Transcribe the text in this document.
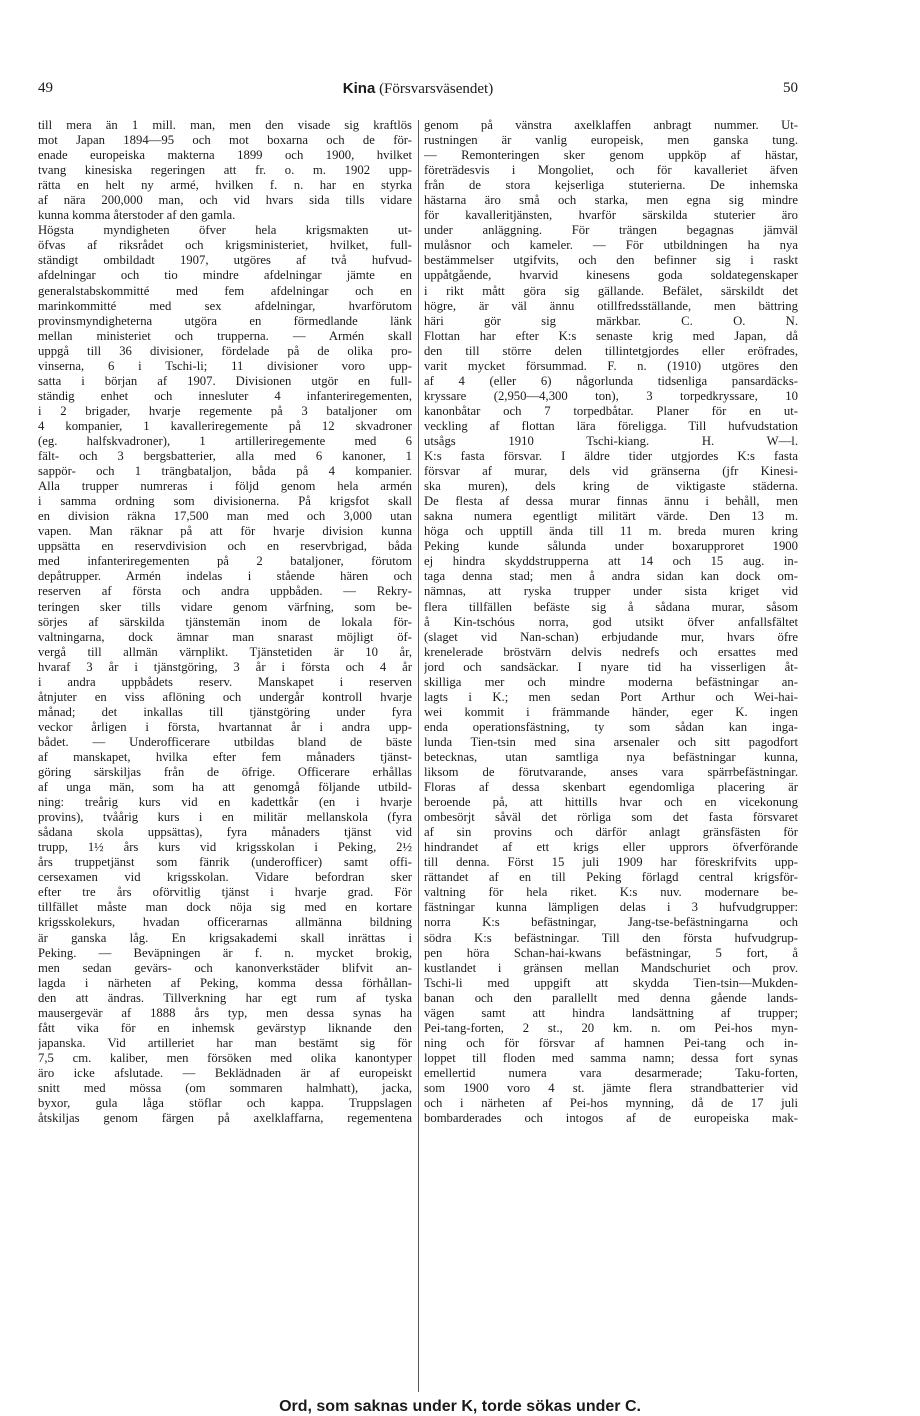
49	Kina (Försvarsväsendet)	50
till mera än 1 mill. man, men den visade sig kraftlös
mot Japan 1894—95 och mot boxarna och de för-
enade europeiska makterna 1899 och 1900, hvilket
tvang kinesiska regeringen att fr. o. m. 1902 upp-
rätta en helt ny armé, hvilken f. n. har en styrka
af nära 200,000 man, och vid hvars sida tills vidare
kunna komma återstoder af den gamla.
Högsta myndigheten öfver hela krigsmakten ut-
öfvas af riksrådet och krigsministeriet, hvilket, full-
ständigt ombildadt 1907, utgöres af två hufvud-
afdelningar och tio mindre afdelningar jämte en
generalstabskommitté med fem afdelningar och en
marinkommitté med sex afdelningar, hvarförutom
provinsmyndigheterna utgöra en förmedlande länk
mellan ministeriet och trupperna. — Armén skall
uppgå till 36 divisioner, fördelade på de olika pro-
vinserna, 6 i Tschi-li; 11 divisioner voro upp-
satta i början af 1907. Divisionen utgör en full-
ständig enhet och innesluter 4 infanteriregementen,
i 2 brigader, hvarje regemente på 3 bataljoner om
4 kompanier, 1 kavalleriregemente på 12 skvadroner
(eg. halfskvadroner), 1 artilleriregemente med 6
fält- och 3 bergsbatterier, alla med 6 kanoner, 1
sappör- och 1 trängbataljon, båda på 4 kompanier.
Alla trupper numreras i följd genom hela armén
i samma ordning som divisionerna. På krigsfot skall
en division räkna 17,500 man med och 3,000 utan
vapen. Man räknar på att för hvarje division kunna
uppsätta en reservdivision och en reservbrigad, båda
med infanteriregementen på 2 bataljoner, förutom
depåtrupper. Armén indelas i stående hären och
reserven af första och andra uppbåden. — Rekry-
teringen sker tills vidare genom värfning, som be-
sörjes af särskilda tjänstemän inom de lokala för-
valtningarna, dock ämnar man snarast möjligt öf-
vergå till allmän värnplikt. Tjänstetiden är 10 år,
hvaraf 3 år i tjänstgöring, 3 år i första och 4 år
i andra uppbådets reserv. Manskapet i reserven
åtnjuter en viss aflöning och undergår kontroll hvarje
månad; det inkallas till tjänstgöring under fyra
veckor årligen i första, hvartannat år i andra upp-
bådet. — Underofficerare utbildas bland de bäste
af manskapet, hvilka efter fem månaders tjänst-
göring särskiljas från de öfrige. Officerare erhållas
af unga män, som ha att genomgå följande utbild-
ning: treårig kurs vid en kadettkår (en i hvarje
provins), tvåårig kurs i en militär mellanskola (fyra
sådana skola uppsättas), fyra månaders tjänst vid
trupp, 1½ års kurs vid krigsskolan i Peking, 2½
års truppetjänst som fänrik (underofficer) samt offi-
cersexamen vid krigsskolan. Vidare befordran sker
efter tre års oförvitlig tjänst i hvarje grad. För
tillfället måste man dock nöja sig med en kortare
krigsskolekurs, hvadan officerarnas allmänna bildning
är ganska låg. En krigsakademi skall inrättas i
Peking. — Beväpningen är f. n. mycket brokig,
men sedan gevärs- och kanonverkstäder blifvit an-
lagda i närheten af Peking, komma dessa förhållan-
den att ändras. Tillverkning har egt rum af tyska
mausergevär af 1888 års typ, men dessa synas ha
fått vika för en inhemsk gevärstyp liknande den
japanska. Vid artilleriet har man bestämt sig för
7,5 cm. kaliber, men försöken med olika kanontyper
äro icke afslutade. — Beklädnaden är af europeiskt
snitt med mössa (om sommaren halmhatt), jacka,
byxor, gula låga stöflar och kappa. Truppslagen
åtskiljas genom färgen på axelklaffarna, regementena
genom på vänstra axelklaffen anbragt nummer. Ut-
rustningen är vanlig europeisk, men ganska tung.
— Remonteringen sker genom uppköp af hästar,
företrädesvis i Mongoliet, och för kavalleriet äfven
från de stora kejserliga stuterierna. De inhemska
hästarna äro små och starka, men egna sig mindre
för kavalleritjänsten, hvarför särskilda stuterier äro
under anläggning. För trängen begagnas jämväl
mulåsnor och kameler. — För utbildningen ha nya
bestämmelser utgifvits, och den befinner sig i raskt
uppåtgående, hvarvid kinesens goda soldategenskaper
i rikt mått göra sig gällande. Befälet, särskildt det
högre, är väl ännu otillfredsställande, men bättring
häri gör sig märkbar. C. O. N.
Flottan har efter K:s senaste krig med Japan, då
den till större delen tillintetgjordes eller eröfrades,
varit mycket försummad. F. n. (1910) utgöres den
af 4 (eller 6) någorlunda tidsenliga pansardäcks-
kryssare (2,950—4,300 ton), 3 torpedkryssare, 10
kanonbåtar och 7 torpedbåtar. Planer för en ut-
veckling af flottan lära föreligga. Till hufvudstation
utsågs 1910 Tschi-kiang. H. W—l.
K:s fasta försvar. I äldre tider utgjordes K:s fasta
försvar af murar, dels vid gränserna (jfr Kinesi-
ska muren), dels kring de viktigaste städerna.
De flesta af dessa murar finnas ännu i behåll, men
sakna numera egentligt militärt värde. Den 13 m.
höga och upptill ända till 11 m. breda muren kring
Peking kunde sålunda under boxarupproret 1900
ej hindra skyddstrupperna att 14 och 15 aug. in-
taga denna stad; men å andra sidan kan dock om-
nämnas, att ryska trupper under sista kriget vid
flera tillfällen befäste sig å sådana murar, såsom
å Kin-tschóus norra, god utsikt öfver anfallsfältet
(slaget vid Nan-schan) erbjudande mur, hvars öfre
krenelerade bröstvärn delvis nedrefs och ersattes med
jord och sandsäckar. I nyare tid ha visserligen åt-
skilliga mer och mindre moderna befästningar an-
lagts i K.; men sedan Port Arthur och Wei-hai-
wei kommit i främmande händer, eger K. ingen
enda operationsfästning, ty som sådan kan inga-
lunda Tien-tsin med sina arsenaler och sitt pagodfort
betecknas, utan samtliga nya befästningar kunna,
liksom de förutvarande, anses vara spärrbefästningar.
Floras af dessa skenbart egendomliga placering är
beroende på, att hittills hvar och en vicekonung
ombesörjt såväl det rörliga som det fasta försvaret
af sin provins och därför anlagt gränsfästen för
hindrandet af ett krigs eller upprors öfverförande
till denna. Först 15 juli 1909 har föreskrifvits upp-
rättandet af en till Peking förlagd central krigsför-
valtning för hela riket. K:s nuv. modernare be-
fästningar kunna lämpligen delas i 3 hufvudgrupper:
norra K:s befästningar, Jang-tse-befästningarna och
södra K:s befästningar. Till den första hufvudgrup-
pen höra Schan-hai-kwans befästningar, 5 fort, å
kustlandet i gränsen mellan Mandschuriet och prov.
Tschi-li med uppgift att skydda Tien-tsin—Mukden-
banan och den parallellt med denna gående lands-
vägen samt att hindra landsättning af trupper;
Pei-tang-forten, 2 st., 20 km. n. om Pei-hos myn-
ning och för försvar af hamnen Pei-tang och in-
loppet till floden med samma namn; dessa fort synas
emellertid numera vara desarmerade; Taku-forten,
som 1900 voro 4 st. jämte flera strandbatterier vid
och i närheten af Pei-hos mynning, då de 17 juli
bombarderades och intogos af de europeiska mak-
Ord, som saknas under K, torde sökas under C.
